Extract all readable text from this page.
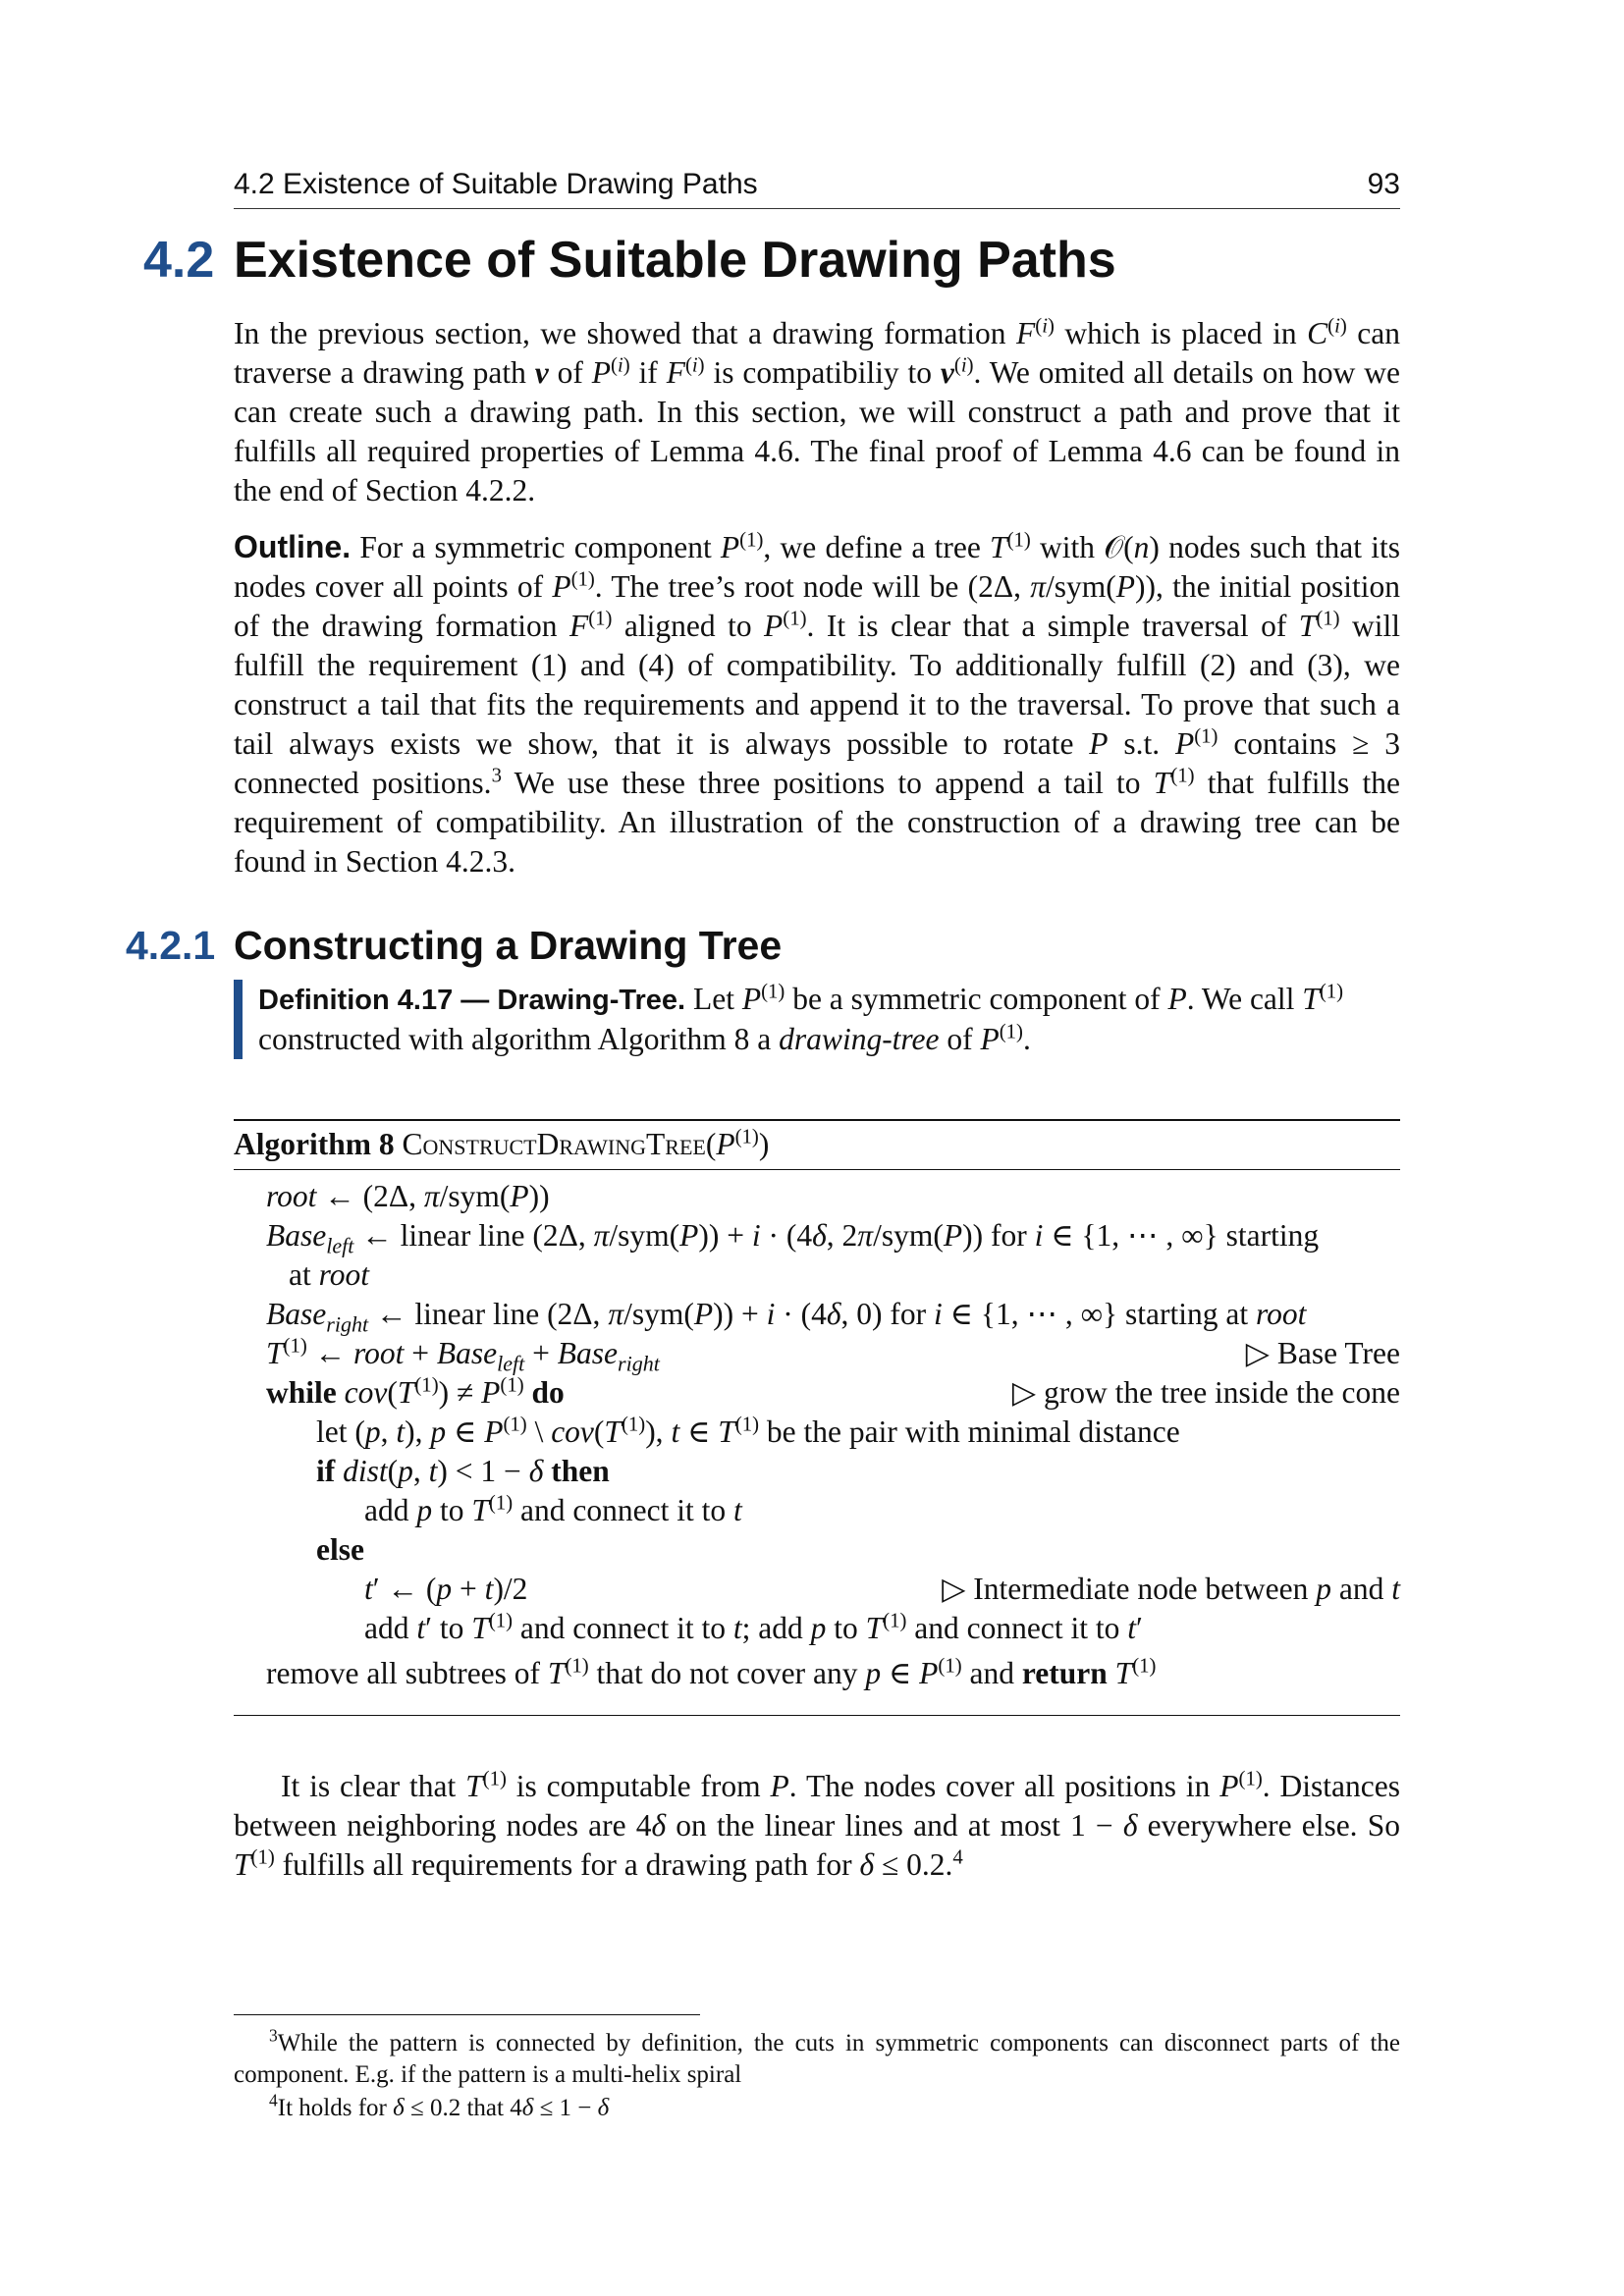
4.2 Existence of Suitable Drawing Paths	93
4.2 Existence of Suitable Drawing Paths

In the previous section, we showed that a drawing formation $F^{(i)}$ which is placed in $C^{(i)}$ can traverse a drawing path v of $P^{(i)}$ if $F^{(i)}$ is compatibiliy to $v^{(i)}$. We omited all details on how we can create such a drawing path. In this section, we will construct a path and prove that it fulfills all required properties of Lemma 4.6. The final proof of Lemma 4.6 can be found in the end of Section 4.2.2.

Outline. For a symmetric component $P^{(1)}$, we define a tree $T^{(1)}$ with 𝒪(n) nodes such that its nodes cover all points of $P^{(1)}$. The tree’s root node will be (2Δ, π/sym(P)), the initial position of the drawing formation $F^{(1)}$ aligned to $P^{(1)}$. It is clear that a simple traversal of $T^{(1)}$ will fulfill the requirement (1) and (4) of compatibility. To additionally fulfill (2) and (3), we construct a tail that fits the requirements and append it to the traversal. To prove that such a tail always exists we show, that it is always possible to rotate P s.t. $P^{(1)}$ contains ≥ 3 connected positions.$^3$ We use these three positions to append a tail to $T^{(1)}$ that fulfills the requirement of compatibility. An illustration of the construction of a drawing tree can be found in Section 4.2.3.

4.2.1 Constructing a Drawing Tree
Definition 4.17 — Drawing-Tree. Let $P^{(1)}$ be a symmetric component of P. We call $T^{(1)}$ constructed with algorithm Algorithm 8 a drawing-tree of $P^{(1)}$.
Algorithm 8 $ConstructDrawingTree(P^{(1)})$
root ← (2Δ, π/sym(P))
Base$_{left}$ ← linear line (2Δ, π/sym(P)) + i · (4δ, 2π/sym(P)) for i ∈ {1, ⋯ , ∞} starting
at root
Base$_{right}$ ← linear line (2Δ, π/sym(P)) + i · (4δ, 0) for i ∈ {1, ⋯ , ∞} starting at root
$T^{(1)}$ ← root + Base$_{left}$ + Base$_{right}$	▷ Base Tree
while $cov(T^{(1)}) \ne P^{(1)}$ do	▷ grow the tree inside the cone
let (p, t), p ∈ $P^{(1)}$ \ $cov(T^{(1)})$, t ∈ $T^{(1)}$ be the pair with minimal distance
if dist(p, t) < 1 − δ then
add p to $T^{(1)}$ and connect it to t
else
t′ ← (p + t)/2	▷ Intermediate node between p and t
add t′ to $T^{(1)}$ and connect it to t; add p to $T^{(1)}$ and connect it to t′
remove all subtrees of $T^{(1)}$ that do not cover any p ∈ $P^{(1)}$ and return $T^{(1)}$

It is clear that $T^{(1)}$ is computable from P. The nodes cover all positions in $P^{(1)}$. Distances between neighboring nodes are 4δ on the linear lines and at most 1 − δ everywhere else. So $T^{(1)}$ fulfills all requirements for a drawing path for δ ≤ 0.2.$^4$

$^3$While the pattern is connected by definition, the cuts in symmetric components can disconnect parts of the component. E.g. if the pattern is a multi-helix spiral
$^4$It holds for δ ≤ 0.2 that 4δ ≤ 1 − δ
